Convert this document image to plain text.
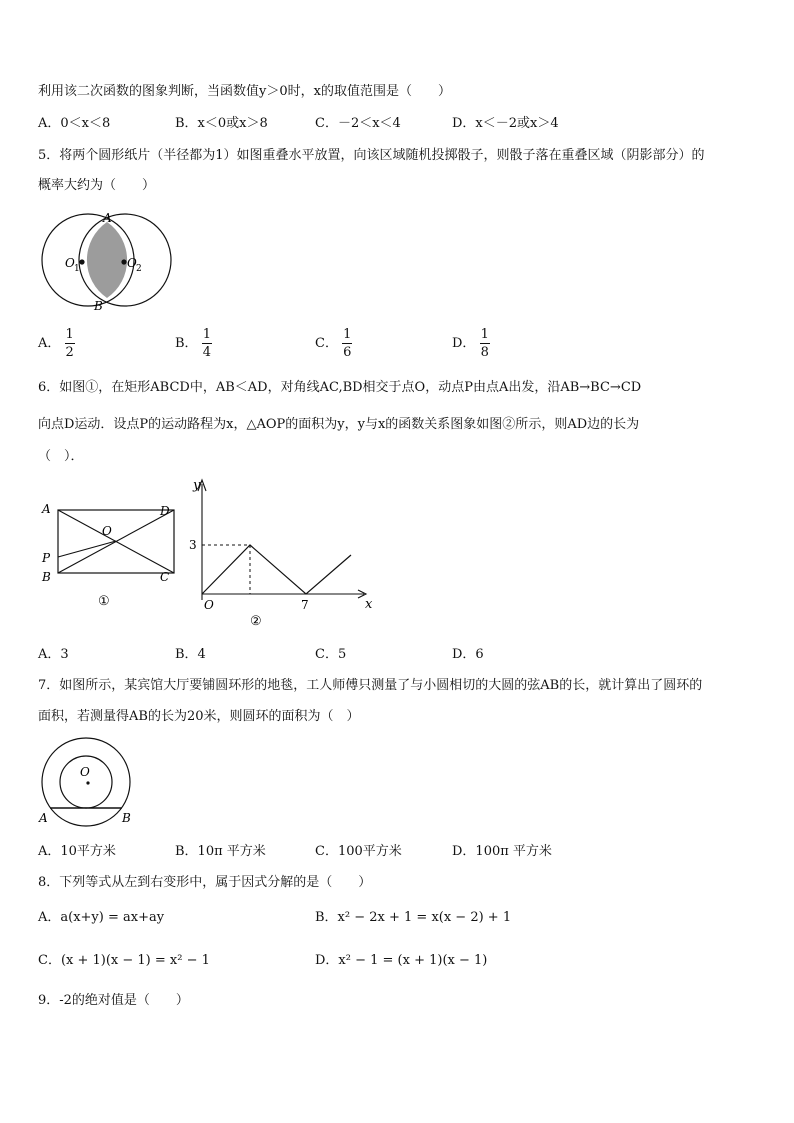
利用该二次函数的图象判断，当函数值y＞0时，x的取值范围是（　　）
A．0＜x＜8	B．x＜0或x＞8	C．－2＜x＜4	D．x＜－2或x＞4
5．将两个圆形纸片（半径都为1）如图重叠水平放置，向该区域随机投掷骰子，则骰子落在重叠区域（阴影部分）的
概率大约为（　　）
A
B
O 1	O 2
A． $\frac{1}{2}$	B． $\frac{1}{4}$	C． $\frac{1}{6}$	D． $\frac{1}{8}$
6．如图①，在矩形ABCD中，AB＜AD，对角线AC,BD相交于点O，动点P由点A出发，沿AB→BC→CD
向点D运动．设点P的运动路程为x，△AOP的面积为y，y与x的函数关系图象如图②所示，则AD边的长为
（　）．
A	D
O
P
B	C
①
y
3
O	7	x
②
A．3	B．4	C．5	D．6
7．如图所示，某宾馆大厅要铺圆环形的地毯，工人师傅只测量了与小圆相切的大圆的弦AB的长，就计算出了圆环的
面积，若测量得AB的长为20米，则圆环的面积为（　）
O
A	B
A．10平方米	B．10π 平方米	C．100平方米	D．100π 平方米
8．下列等式从左到右变形中，属于因式分解的是（　　）
A．a(x+y) = ax+ay	B．x² − 2x + 1 = x(x − 2) + 1
C．(x + 1)(x − 1) = x² − 1	D．x² − 1 = (x + 1)(x − 1)
9．-2的绝对值是（　　）
